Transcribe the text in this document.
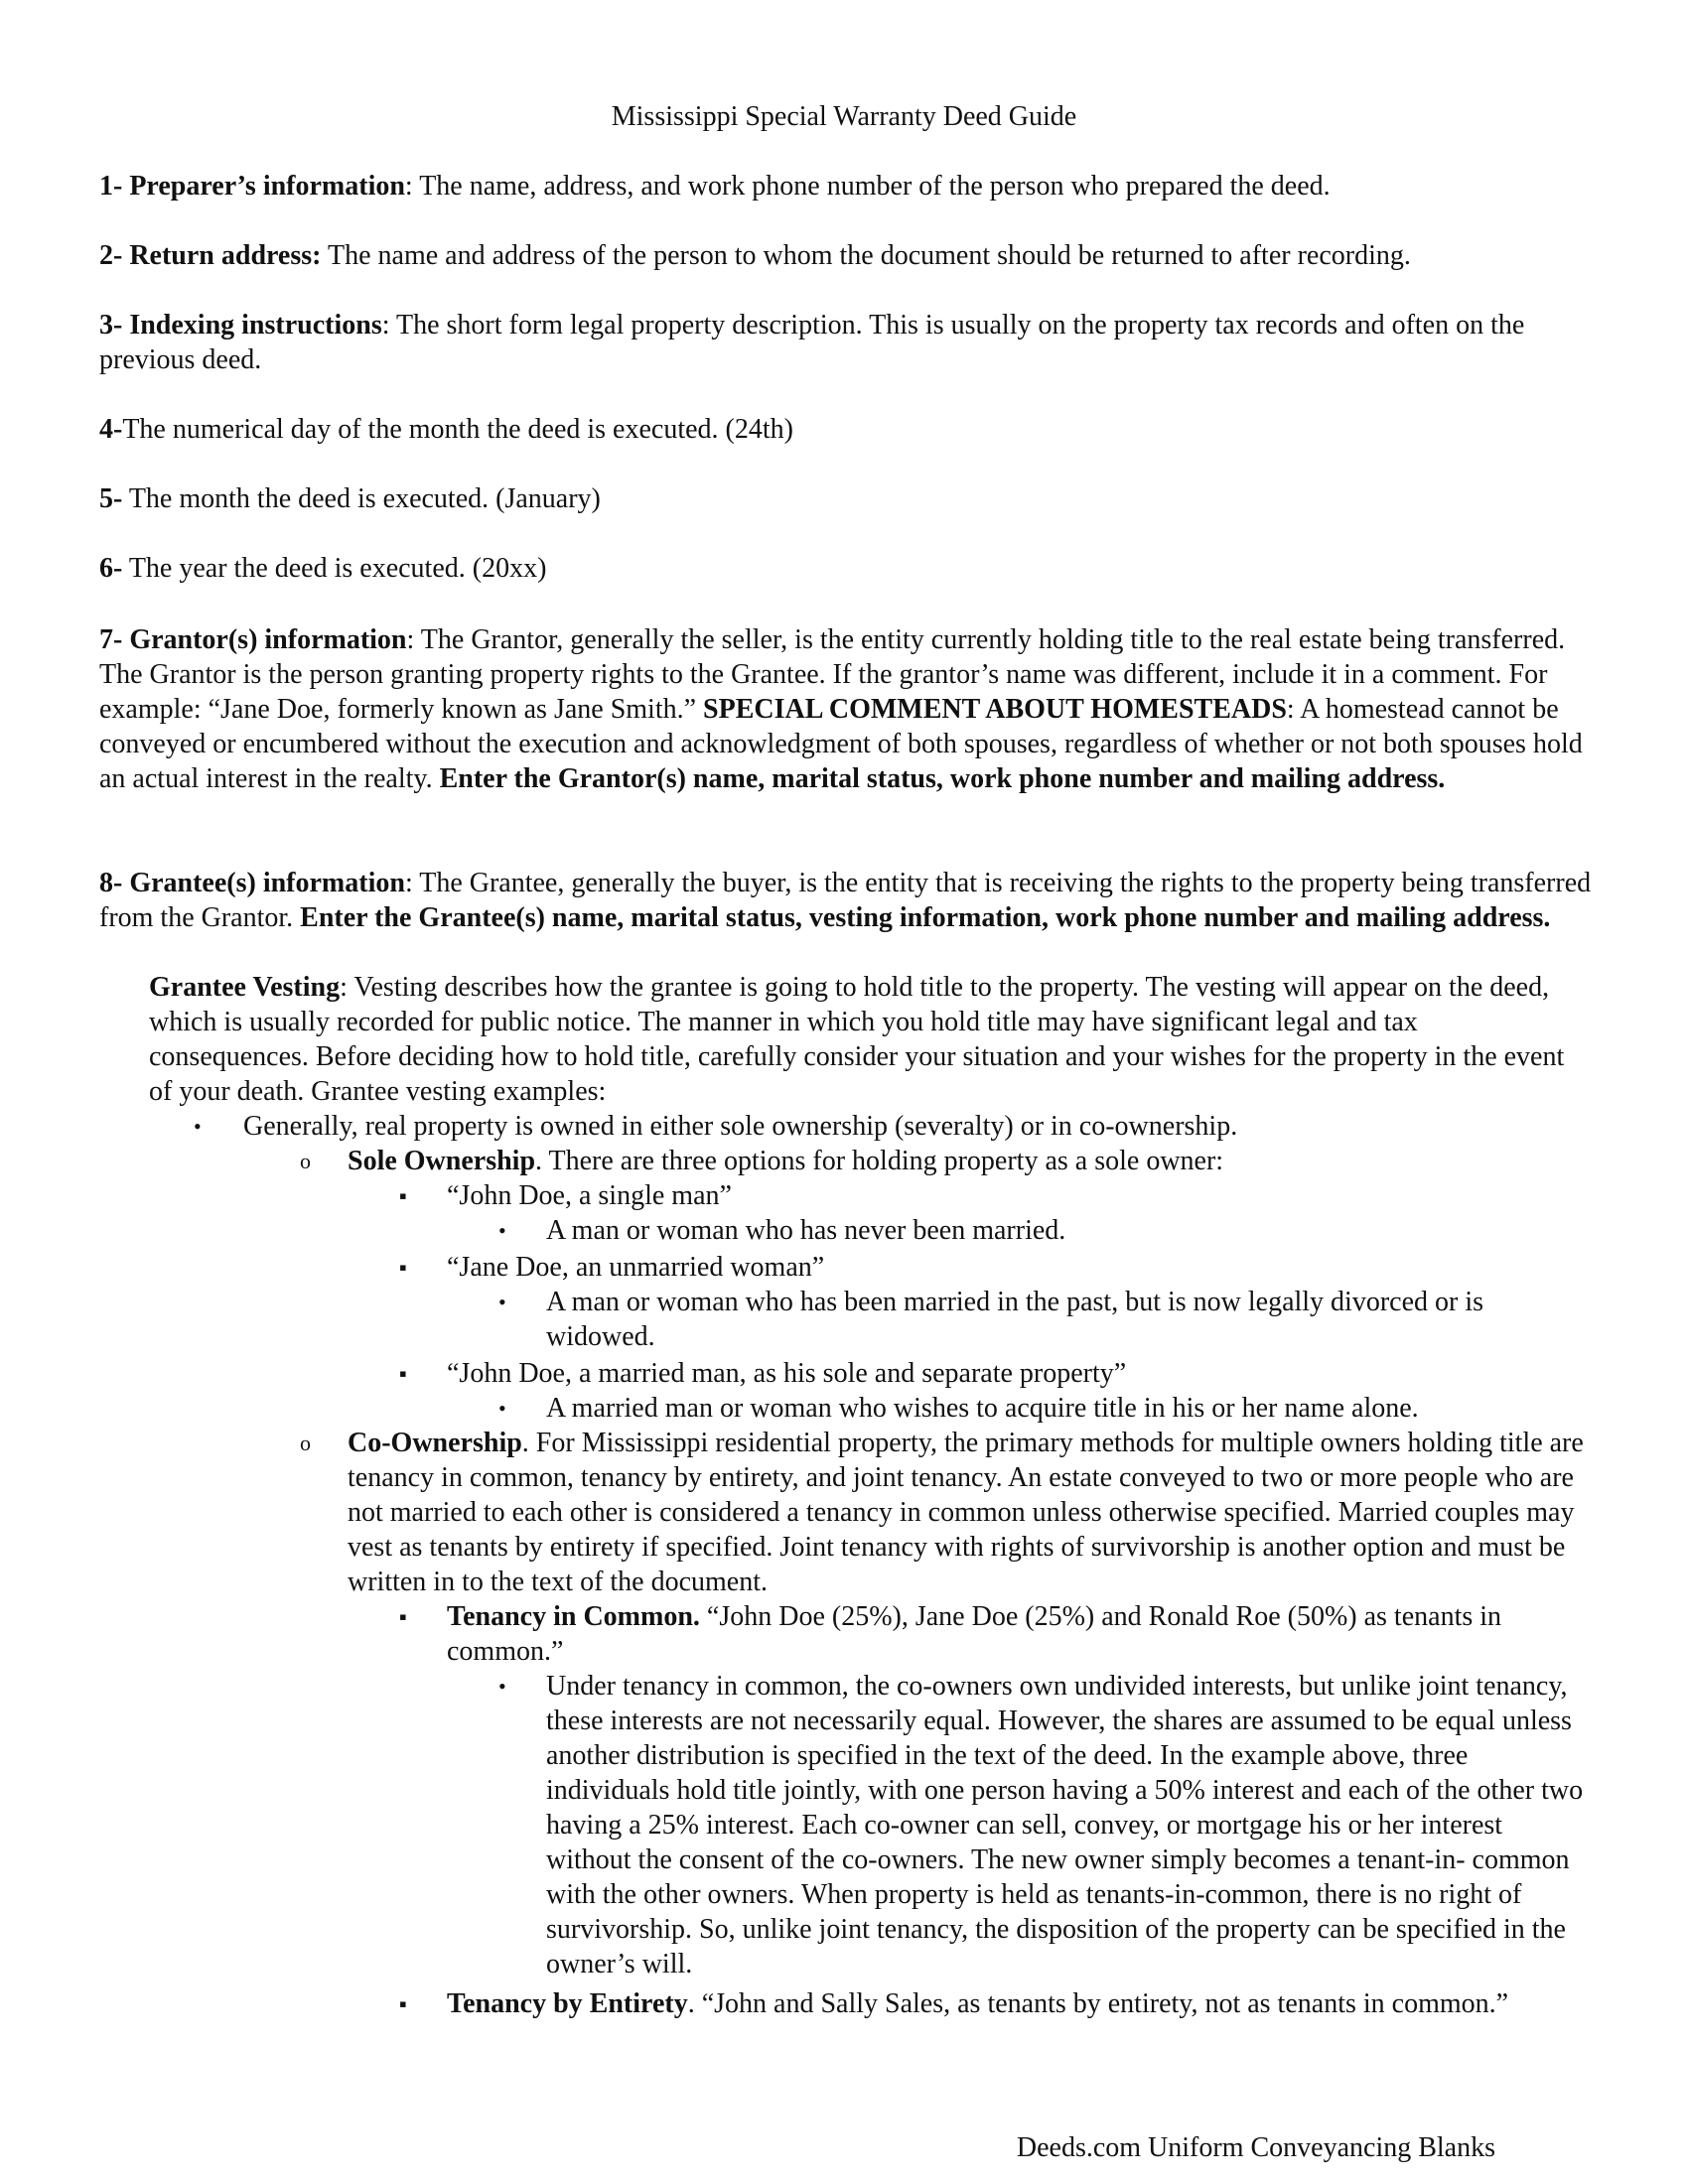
Mississippi Special Warranty Deed Guide

1- Preparer’s information: The name, address, and work phone number of the person who prepared the deed.

2- Return address: The name and address of the person to whom the document should be returned to after recording.

3- Indexing instructions: The short form legal property description. This is usually on the property tax records and often on the previous deed.

4-The numerical day of the month the deed is executed. (24th)

5- The month the deed is executed. (January)

6- The year the deed is executed. (20xx)

7- Grantor(s) information: The Grantor, generally the seller, is the entity currently holding title to the real estate being transferred. The Grantor is the person granting property rights to the Grantee. If the grantor’s name was different, include it in a comment. For example: “Jane Doe, formerly known as Jane Smith.” SPECIAL COMMENT ABOUT HOMESTEADS: A homestead cannot be conveyed or encumbered without the execution and acknowledgment of both spouses, regardless of whether or not both spouses hold an actual interest in the realty. Enter the Grantor(s) name, marital status, work phone number and mailing address.

8- Grantee(s) information: The Grantee, generally the buyer, is the entity that is receiving the rights to the property being transferred from the Grantor. Enter the Grantee(s) name, marital status, vesting information, work phone number and mailing address.

Grantee Vesting: Vesting describes how the grantee is going to hold title to the property. The vesting will appear on the deed, which is usually recorded for public notice. The manner in which you hold title may have significant legal and tax consequences. Before deciding how to hold title, carefully consider your situation and your wishes for the property in the event of your death. Grantee vesting examples:

• Generally, real property is owned in either sole ownership (severalty) or in co-ownership.

o Sole Ownership. There are three options for holding property as a sole owner:

▪ “John Doe, a single man”

• A man or woman who has never been married.

▪ “Jane Doe, an unmarried woman”

• A man or woman who has been married in the past, but is now legally divorced or is widowed.

▪ “John Doe, a married man, as his sole and separate property”

• A married man or woman who wishes to acquire title in his or her name alone.

o Co-Ownership. For Mississippi residential property, the primary methods for multiple owners holding title are tenancy in common, tenancy by entirety, and joint tenancy. An estate conveyed to two or more people who are not married to each other is considered a tenancy in common unless otherwise specified. Married couples may vest as tenants by entirety if specified. Joint tenancy with rights of survivorship is another option and must be written in to the text of the document.

▪ Tenancy in Common. “John Doe (25%), Jane Doe (25%) and Ronald Roe (50%) as tenants in common.”

• Under tenancy in common, the co-owners own undivided interests, but unlike joint tenancy, these interests are not necessarily equal. However, the shares are assumed to be equal unless another distribution is specified in the text of the deed. In the example above, three individuals hold title jointly, with one person having a 50% interest and each of the other two having a 25% interest. Each co-owner can sell, convey, or mortgage his or her interest without the consent of the co-owners. The new owner simply becomes a tenant-in- common with the other owners. When property is held as tenants-in-common, there is no right of survivorship. So, unlike joint tenancy, the disposition of the property can be specified in the owner’s will.

▪ Tenancy by Entirety. “John and Sally Sales, as tenants by entirety, not as tenants in common.”

Deeds.com Uniform Conveyancing Blanks
